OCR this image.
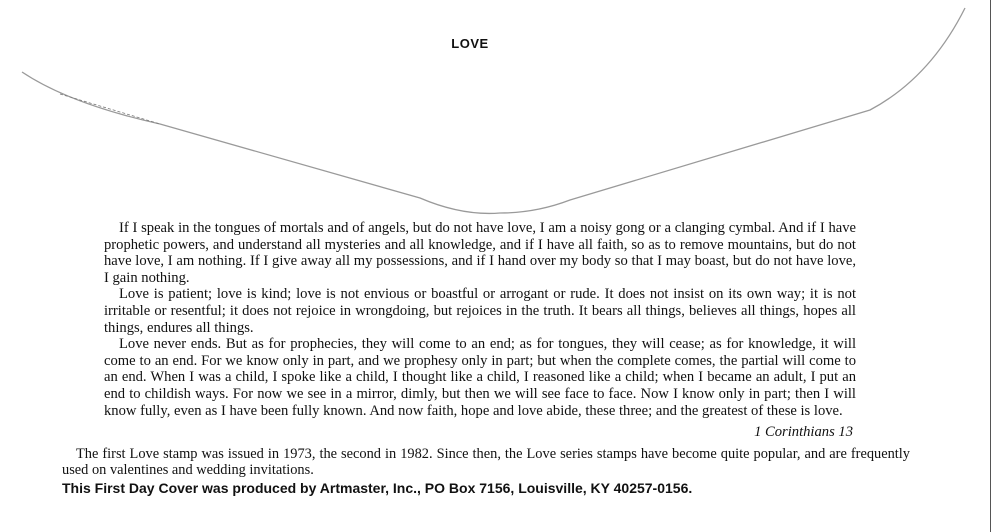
LOVE

If I speak in the tongues of mortals and of angels, but do not have love, I am a noisy gong or a clanging cymbal. And if I have prophetic powers, and understand all mysteries and all knowledge, and if I have all faith, so as to remove mountains, but do not have love, I am nothing. If I give away all my possessions, and if I hand over my body so that I may boast, but do not have love, I gain nothing.

Love is patient; love is kind; love is not envious or boastful or arrogant or rude. It does not insist on its own way; it is not irritable or resentful; it does not rejoice in wrongdoing, but rejoices in the truth. It bears all things, believes all things, hopes all things, endures all things.

Love never ends. But as for prophecies, they will come to an end; as for tongues, they will cease; as for knowledge, it will come to an end. For we know only in part, and we prophesy only in part; but when the complete comes, the partial will come to an end. When I was a child, I spoke like a child, I thought like a child, I reasoned like a child; when I became an adult, I put an end to childish ways. For now we see in a mirror, dimly, but then we will see face to face. Now I know only in part; then I will know fully, even as I have been fully known. And now faith, hope and love abide, these three; and the greatest of these is love.

1 Corinthians 13
The first Love stamp was issued in 1973, the second in 1982. Since then, the Love series stamps have become quite popular, and are frequently used on valentines and wedding invitations.
This First Day Cover was produced by Artmaster, Inc., PO Box 7156, Louisville, KY 40257-0156.
